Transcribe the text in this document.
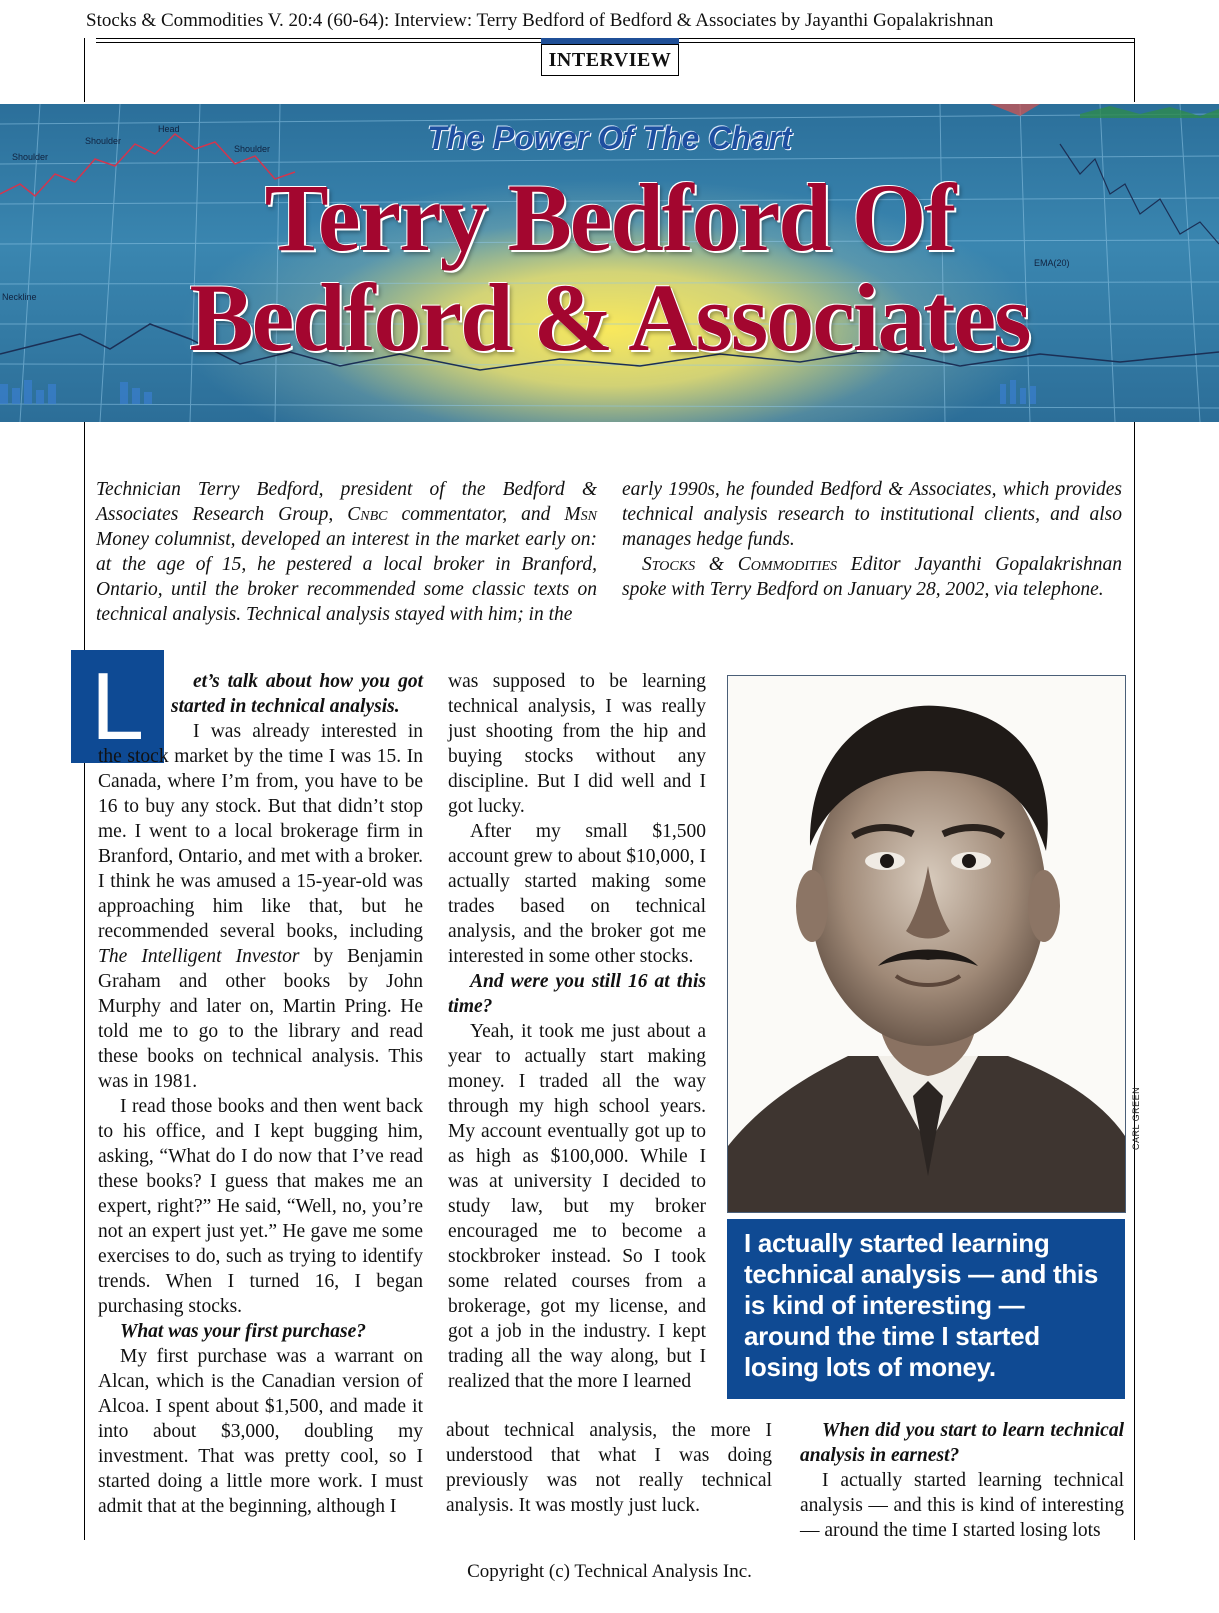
Stocks & Commodities V. 20:4 (60-64): Interview: Terry Bedford of Bedford & Associates by Jayanthi Gopalakrishnan
INTERVIEW
Head
Shoulder
Shoulder
Shoulder
Neckline
EMA(20)
The Power Of The Chart
Terry Bedford Of
Bedford & Associates
Technician Terry Bedford, president of the Bedford & Associates Research Group, Cnbc commentator, and Msn Money columnist, developed an interest in the market early on: at the age of 15, he pestered a local broker in Branford, Ontario, until the broker recommended some classic texts on technical analysis. Technical analysis stayed with him; in the
early 1990s, he founded Bedford & Associates, which provides technical analysis research to institutional clients, and also manages hedge funds.
Stocks & Commodities Editor Jayanthi Gopalakrishnan spoke with Terry Bedford on January 28, 2002, via telephone.
L	et’s talk about how you got started in technical analysis.

I was already interested in the stock market by the time I was 15. In Canada, where I’m from, you have to be 16 to buy any stock. But that didn’t stop me. I went to a local brokerage firm in Branford, Ontario, and met with a broker. I think he was amused a 15-year-old was approaching him like that, but he recommended several books, including The Intelligent Investor by Benjamin Graham and other books by John Murphy and later on, Martin Pring. He told me to go to the library and read these books on technical analysis. This was in 1981.

I read those books and then went back to his office, and I kept bugging him, asking, “What do I do now that I’ve read these books? I guess that makes me an expert, right?” He said, “Well, no, you’re not an expert just yet.” He gave me some exercises to do, such as trying to identify trends. When I turned 16, I began purchasing stocks.

What was your first purchase?

My first purchase was a warrant on Alcan, which is the Canadian version of Alcoa. I spent about $1,500, and made it into about $3,000, doubling my investment. That was pretty cool, so I started doing a little more work. I must admit that at the beginning, although I

was supposed to be learning technical analysis, I was really just shooting from the hip and buying stocks without any discipline. But I did well and I got lucky.

After my small $1,500 account grew to about $10,000, I actually started making some trades based on technical analysis, and the broker got me interested in some other stocks.

And were you still 16 at this time?

Yeah, it took me just about a year to actually start making money. I traded all the way through my high school years. My account eventually got up to as high as $100,000. While I was at university I decided to study law, but my broker encouraged me to become a stockbroker instead. So I took some related courses from a brokerage, got my license, and got a job in the industry. I kept trading all the way along, but I realized that the more I learned

about technical analysis, the more I understood that what I was doing previously was not really technical analysis. It was mostly just luck.

CARL GREEN
I actually started learning technical analysis — and this is kind of interesting — around the time I started losing lots of money.

When did you start to learn technical analysis in earnest?

I actually started learning technical analysis — and this is kind of interesting — around the time I started losing lots

Copyright (c) Technical Analysis Inc.
